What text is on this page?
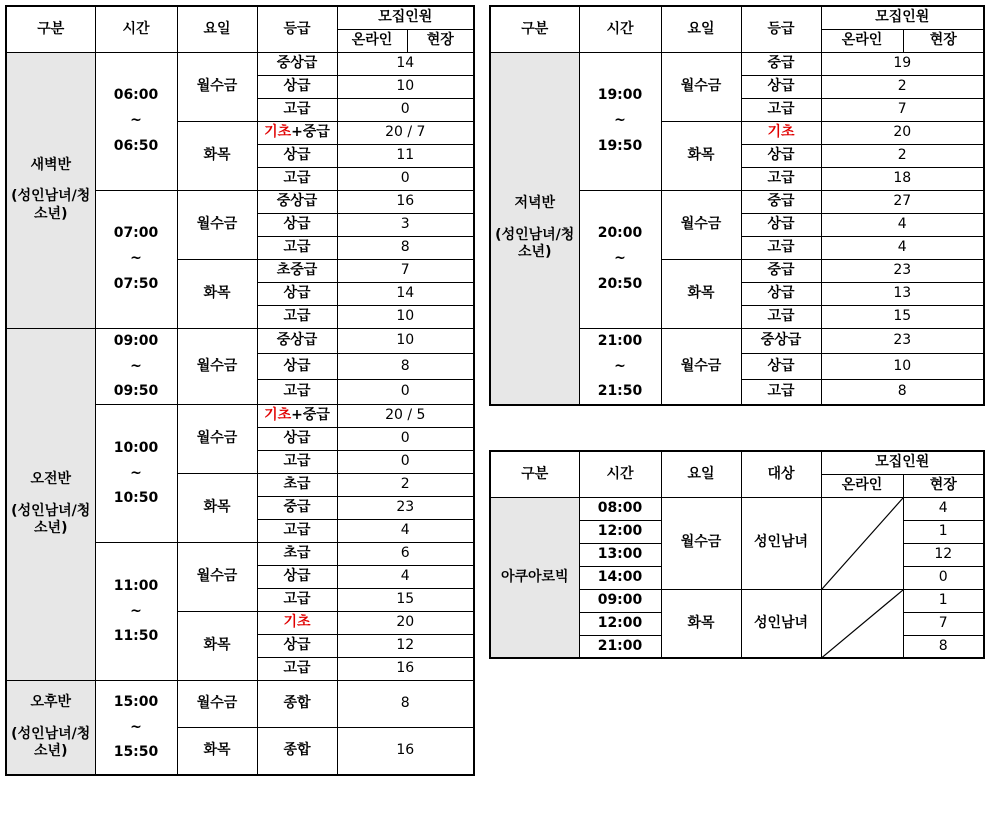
구분	시간	요일	등급	모집인원	
				온라인	현장

새벽반
(성인남녀/청소년)	06:00 ~ 06:50	월수금	중상급	14	
			상급	10	
			고급	0	
		화목	기초+중급	20 / 7	
			상급	11	
			고급	0	

	07:00 ~ 07:50	월수금	중상급	16	
			상급	3	
			고급	8	
		화목	초중급	7	
			상급	14	
			고급	10	

오전반
(성인남녀/청소년)	09:00 ~ 09:50	월수금	중상급	10	
			상급	8	
			고급	0	

	10:00 ~ 10:50	월수금	기초+중급	20 / 5	
			상급	0	
			고급	0	
		화목	초급	2	
			중급	23	
			고급	4	

	11:00 ~ 11:50	월수금	초급	6	
			상급	4	
			고급	15	
		화목	기초	20	
			상급	12	
			고급	16	

오후반
(성인남녀/청소년)	15:00 ~ 15:50	월수금	종합	8	
		화목	종합	16	
구분	시간	요일	등급	모집인원	
				온라인	현장

저녁반
(성인남녀/청소년)	19:00 ~ 19:50	월수금	중급	19	
			상급	2	
			고급	7	
		화목	기초	20	
			상급	2	
			고급	18	

	20:00 ~ 20:50	월수금	중급	27	
			상급	4	
			고급	4	
		화목	중급	23	
			상급	13	
			고급	15	

	21:00 ~ 21:50	월수금	중상급	23	
			상급	10	
			고급	8	
구분	시간	요일	대상	모집인원	
				온라인	현장
아쿠아로빅	08:00	월수금	성인남녀		4
	12:00				1
	13:00				12
	14:00				0
	09:00	화목	성인남녀		1
	12:00				7
	21:00				8
